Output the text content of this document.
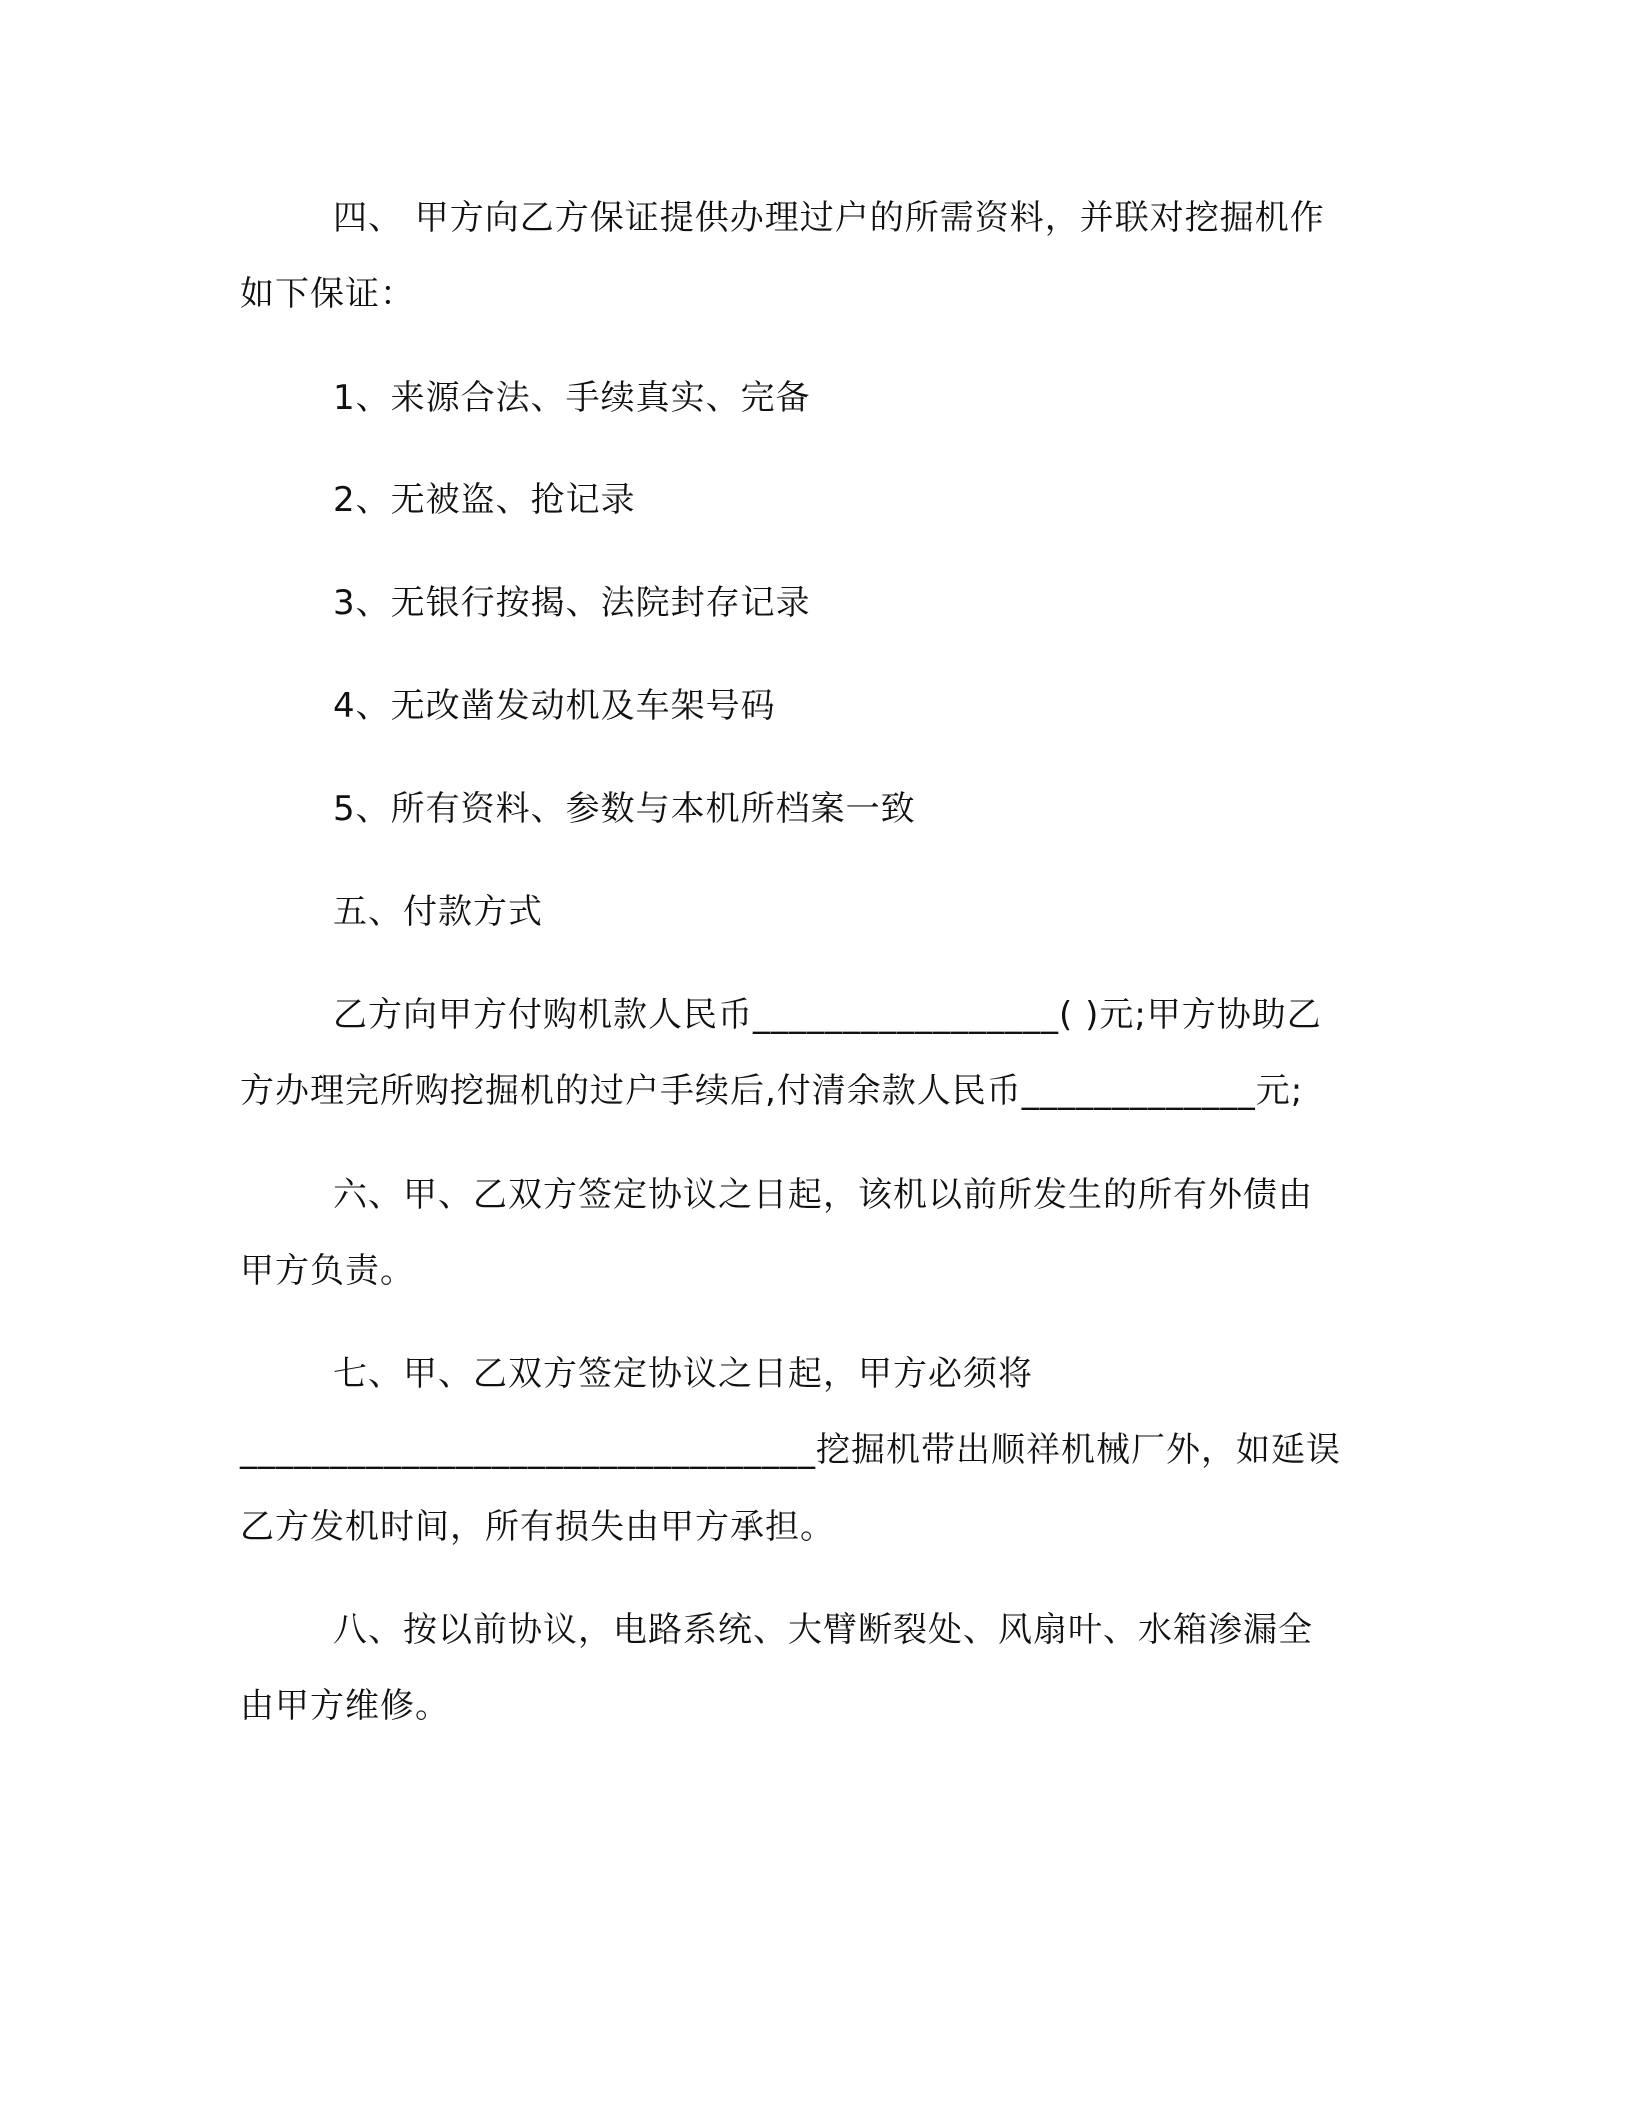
四、 甲方向乙方保证提供办理过户的所需资料，并联对挖掘机作
如下保证：
1、来源合法、手续真实、完备
2、无被盗、抢记录
3、无银行按揭、法院封存记录
4、无改凿发动机及车架号码
5、所有资料、参数与本机所档案一致
五、付款方式
乙方向甲方付购机款人民币_________________( )元;甲方协助乙
方办理完所购挖掘机的过户手续后,付清余款人民币_____________元;
六、甲、乙双方签定协议之日起，该机以前所发生的所有外债由
甲方负责。
七、甲、乙双方签定协议之日起，甲方必须将
________________________________挖掘机带出顺祥机械厂外，如延误
乙方发机时间，所有损失由甲方承担。
八、按以前协议，电路系统、大臂断裂处、风扇叶、水箱渗漏全
由甲方维修。
